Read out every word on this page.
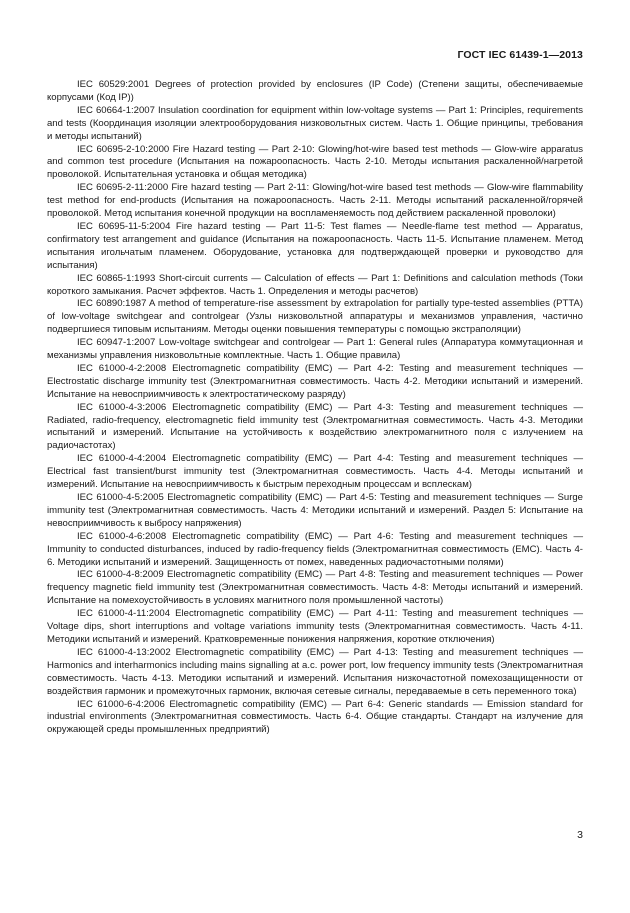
ГОСТ IEC 61439-1—2013

IEC 60529:2001 Degrees of protection provided by enclosures (IP Code) (Степени защиты, обеспечиваемые корпусами (Код IP))

IEC 60664-1:2007 Insulation coordination for equipment within low-voltage systems — Part 1: Principles, requirements and tests (Координация изоляции электрооборудования низковольтных систем. Часть 1. Общие принципы, требования и методы испытаний)

IEC 60695-2-10:2000 Fire Hazard testing — Part 2-10: Glowing/hot-wire based test methods — Glow-wire apparatus and common test procedure (Испытания на пожароопасность. Часть 2-10. Методы испытания раскаленной/нагретой проволокой. Испытательная установка и общая методика)

IEC 60695-2-11:2000 Fire hazard testing — Part 2-11: Glowing/hot-wire based test methods — Glow-wire flammability test method for end-products (Испытания на пожароопасность. Часть 2-11. Методы испытаний раскаленной/горячей проволокой. Метод испытания конечной продукции на воспламеняемость под действием раскаленной проволоки)

IEC 60695-11-5:2004 Fire hazard testing — Part 11-5: Test flames — Needle-flame test method — Apparatus, confirmatory test arrangement and guidance (Испытания на пожароопасность. Часть 11-5. Испытание пламенем. Метод испытания игольчатым пламенем. Оборудование, установка для подтверждающей проверки и руководство для испытания)

IEC 60865-1:1993 Short-circuit currents — Calculation of effects — Part 1: Definitions and calculation methods (Токи короткого замыкания. Расчет эффектов. Часть 1. Определения и методы расчетов)

IEC 60890:1987 A method of temperature-rise assessment by extrapolation for partially type-tested assemblies (PTTA) of low-voltage switchgear and controlgear (Узлы низковольтной аппаратуры и механизмов управления, частично подвергшиеся типовым испытаниям. Методы оценки повышения температуры с помощью экстраполяции)

IEC 60947-1:2007 Low-voltage switchgear and controlgear — Part 1: General rules (Аппаратура коммутационная и механизмы управления низковольтные комплектные. Часть 1. Общие правила)

IEC 61000-4-2:2008 Electromagnetic compatibility (EMC) — Part 4-2: Testing and measurement techniques — Electrostatic discharge immunity test (Электромагнитная совместимость. Часть 4-2. Методики испытаний и измерений. Испытание на невосприимчивость к электростатическому разряду)

IEC 61000-4-3:2006 Electromagnetic compatibility (EMC) — Part 4-3: Testing and measurement techniques — Radiated, radio-frequency, electromagnetic field immunity test (Электромагнитная совместимость. Часть 4-3. Методики испытаний и измерений. Испытание на устойчивость к воздействию электромагнитного поля с излучением на радиочастотах)

IEC 61000-4-4:2004 Electromagnetic compatibility (EMC) — Part 4-4: Testing and measurement techniques — Electrical fast transient/burst immunity test (Электромагнитная совместимость. Часть 4-4. Методы испытаний и измерений. Испытание на невосприимчивость к быстрым переходным процессам и всплескам)

IEC 61000-4-5:2005 Electromagnetic compatibility (EMC) — Part 4-5: Testing and measurement techniques — Surge immunity test (Электромагнитная совместимость. Часть 4: Методики испытаний и измерений. Раздел 5: Испытание на невосприимчивость к выбросу напряжения)

IEC 61000-4-6:2008 Electromagnetic compatibility (EMC) — Part 4-6: Testing and measurement techniques — Immunity to conducted disturbances, induced by radio-frequency fields (Электромагнитная совместимость (ЕМС). Часть 4-6. Методики испытаний и измерений. Защищенность от помех, наведенных радиочастотными полями)

IEC 61000-4-8:2009 Electromagnetic compatibility (EMC) — Part 4-8: Testing and measurement techniques — Power frequency magnetic field immunity test (Электромагнитная совместимость. Часть 4-8: Методы испытаний и измерений. Испытание на помехоустойчивость в условиях магнитного поля промышленной частоты)

IEC 61000-4-11:2004 Electromagnetic compatibility (EMC) — Part 4-11: Testing and measurement techniques — Voltage dips, short interruptions and voltage variations immunity tests (Электромагнитная совместимость. Часть 4-11. Методики испытаний и измерений. Кратковременные понижения напряжения, короткие отключения)

IEC 61000-4-13:2002 Electromagnetic compatibility (EMC) — Part 4-13: Testing and measurement techniques — Harmonics and interharmonics including mains signalling at a.c. power port, low frequency immunity tests (Электромагнитная совместимость. Часть 4-13. Методики испытаний и измерений. Испытания низкочастотной помехозащищенности от воздействия гармоник и промежуточных гармоник, включая сетевые сигналы, передаваемые в сеть переменного тока)

IEC 61000-6-4:2006 Electromagnetic compatibility (EMC) — Part 6-4: Generic standards — Emission standard for industrial environments (Электромагнитная совместимость. Часть 6-4. Общие стандарты. Стандарт на излучение для окружающей среды промышленных предприятий)

3
